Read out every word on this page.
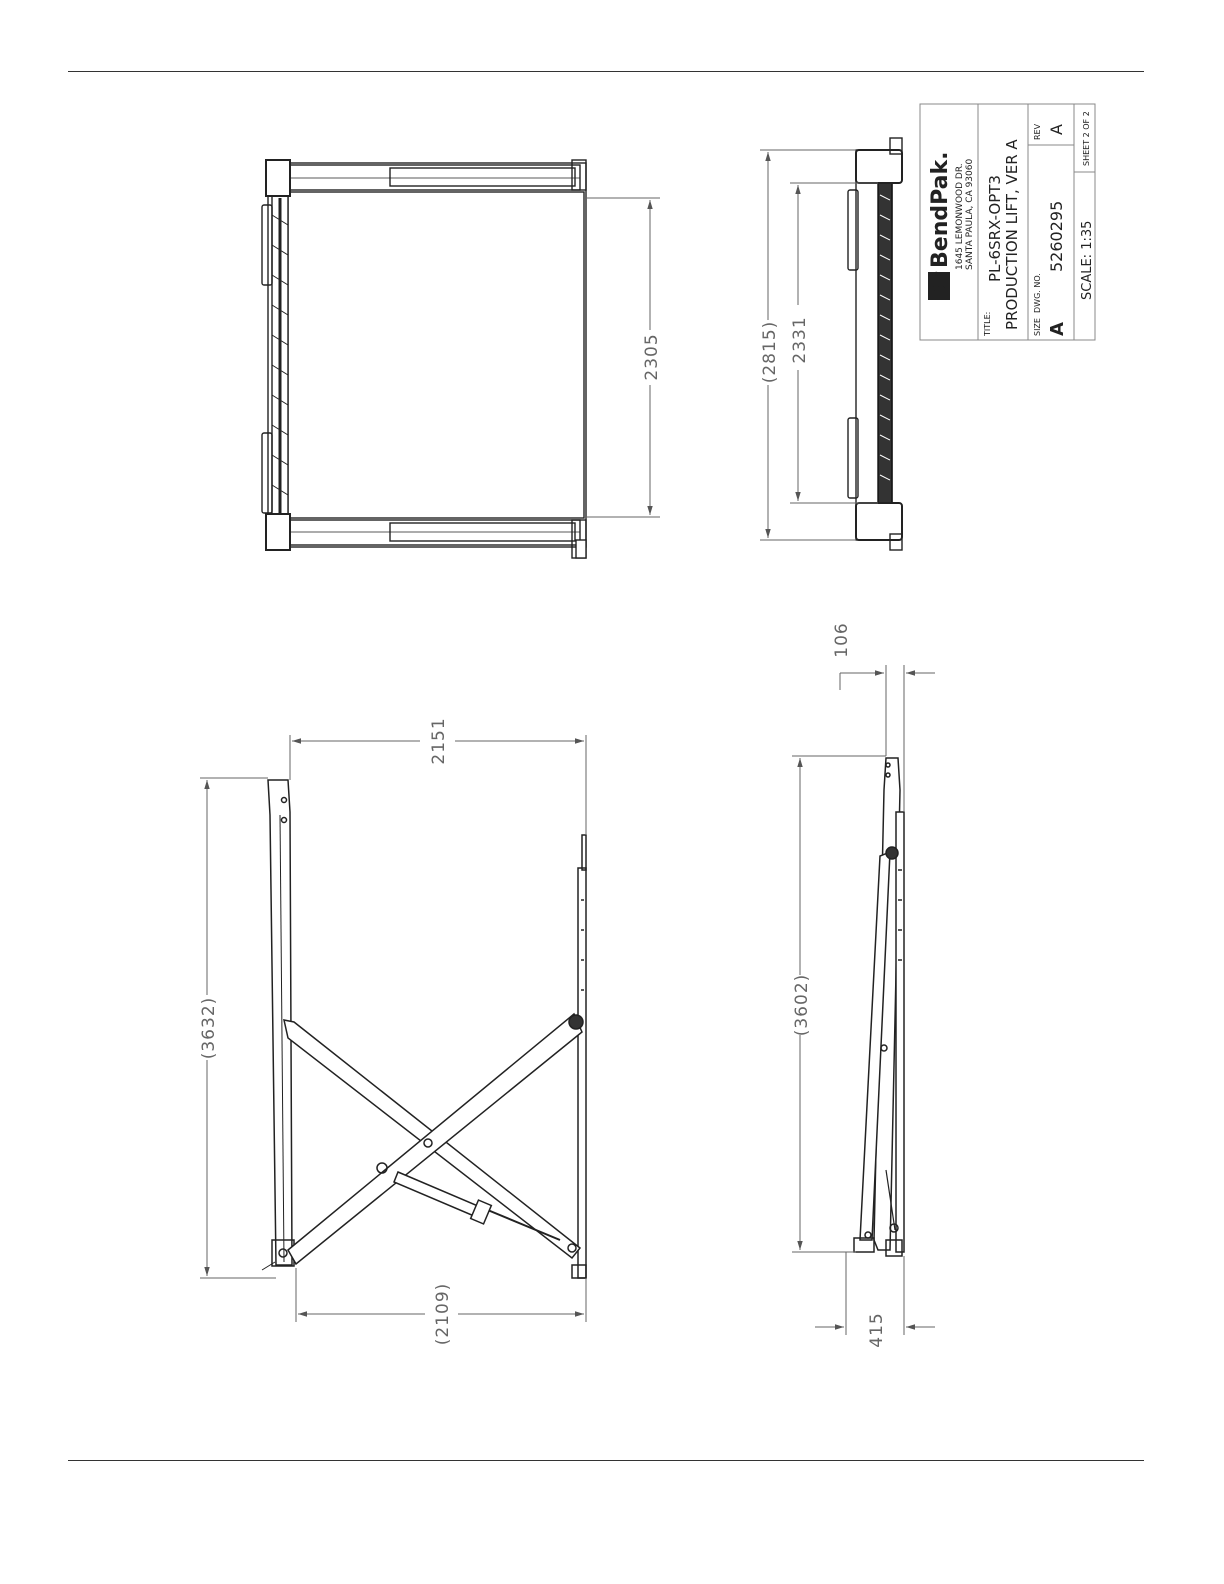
2305	(2815) 2331
BP
BendPak. 1645 LEMONWOOD DR. SANTA PAULA, CA 93060
TITLE:
PL-6SRX-OPT3 PRODUCTION LIFT, VER A SIZE A
DWG. NO.
5260295
REV A
SCALE: 1:35
SHEET 2 OF 2
2151
(3632)
(2109)
(3602)
106
415
